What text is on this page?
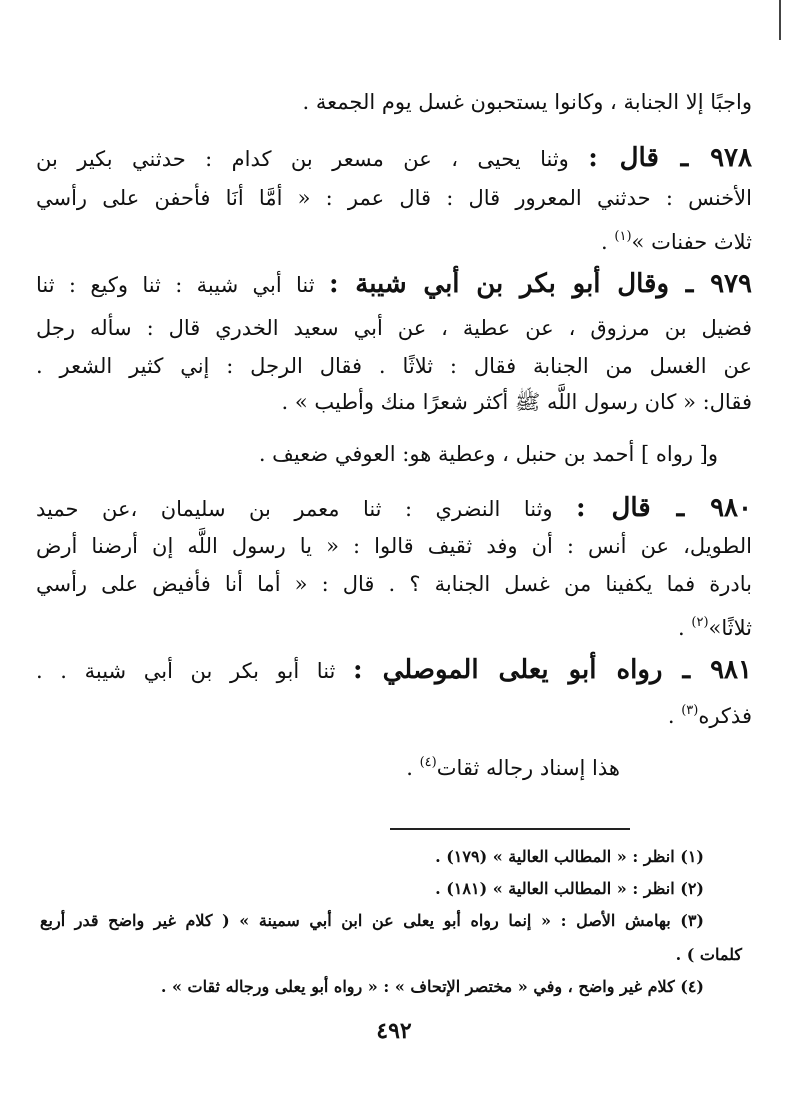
واجبًا إلا الجنابة ، وكانوا يستحبون غسل يوم الجمعة .

٩٧٨ ـ قال : وثنا يحيى ، عن مسعر بن كدام : حدثني بكير بن

الأخنس : حدثني المعرور قال : قال عمر : « أمَّا أنَا فأحفن على رأسي

ثلاث حفنات »$^{(١)}$ .

٩٧٩ ـ وقال أبو بكر بن أبي شيبة : ثنا أبي شيبة : ثنا وكيع : ثنا

فضيل بن مرزوق ، عن عطية ، عن أبي سعيد الخدري قال : سأله رجل

عن الغسل من الجنابة فقال : ثلاثًا . فقال الرجل : إني كثير الشعر .

فقال: « كان رسول اللَّه ﷺ أكثر شعرًا منك وأطيب » .

و[ رواه ] أحمد بن حنبل ، وعطية هو: العوفي ضعيف .

٩٨٠ ـ قال : وثنا النضري : ثنا معمر بن سليمان ،عن حميد

الطويل، عن أنس : أن وفد ثقيف قالوا : « يا رسول اللَّه إن أرضنا أرض

بادرة فما يكفينا من غسل الجنابة ؟ . قال : « أما أنا فأفيض على رأسي

ثلاثًا»$^{(٢)}$ .

٩٨١ ـ رواه أبو يعلى الموصلي : ثنا أبو بكر بن أبي شيبة . .

فذكره$^{(٣)}$ .

هذا إسناد رجاله ثقات$^{(٤)}$ .

(١) انظر : « المطالب العالية » (١٧٩) .

(٢) انظر : « المطالب العالية » (١٨١) .

(٣) بهامش الأصل : « إنما رواه أبو يعلى عن ابن أبي سمينة » ( كلام غير واضح قدر أربع

كلمات ) .

(٤) كلام غير واضح ، وفي « مختصر الإتحاف » : « رواه أبو يعلى ورجاله ثقات » .

٤٩٢
